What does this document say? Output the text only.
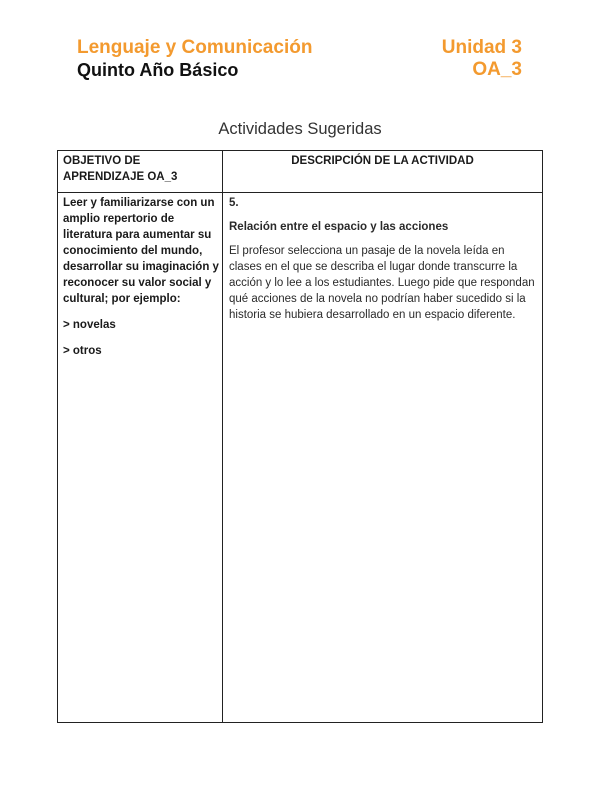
Lenguaje y Comunicación
Quinto Año Básico
Unidad 3
OA_3
Actividades Sugeridas
OBJETIVO DE APRENDIZAJE OA_3
DESCRIPCIÓN DE LA ACTIVIDAD

Leer y familiarizarse con un amplio repertorio de literatura para aumentar su conocimiento del mundo, desarrollar su imaginación y reconocer su valor social y cultural; por ejemplo:

> novelas

> otros

5.

Relación entre el espacio y las acciones

El profesor selecciona un pasaje de la novela leída en clases en el que se describa el lugar donde transcurre la acción y lo lee a los estudiantes. Luego pide que respondan qué acciones de la novela no podrían haber sucedido si la historia se hubiera desarrollado en un espacio diferente.
